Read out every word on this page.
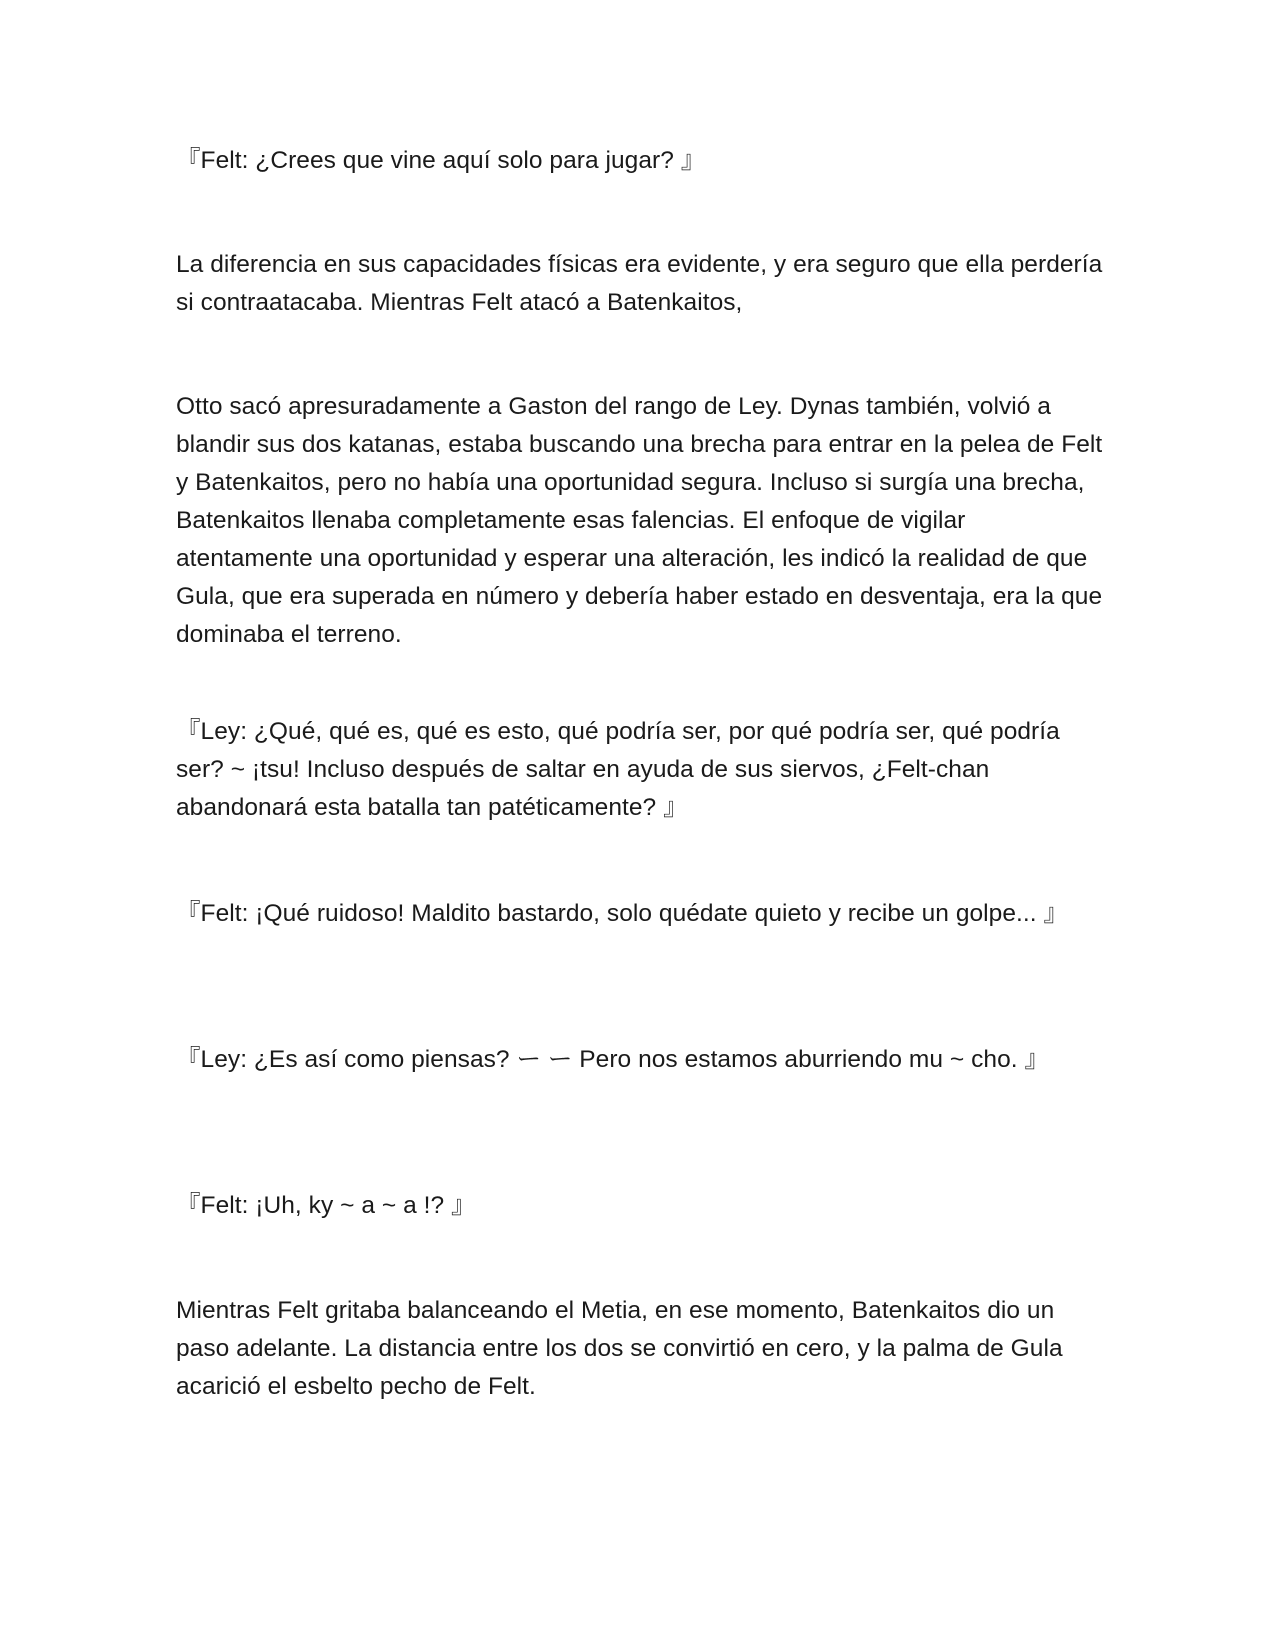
『Felt: ¿Crees que vine aquí solo para jugar? 』

La diferencia en sus capacidades físicas era evidente, y era seguro que ella perdería si contraatacaba. Mientras Felt atacó a Batenkaitos,

Otto sacó apresuradamente a Gaston del rango de Ley. Dynas también, volvió a blandir sus dos katanas, estaba buscando una brecha para entrar en la pelea de Felt y Batenkaitos, pero no había una oportunidad segura. Incluso si surgía una brecha, Batenkaitos llenaba completamente esas falencias. El enfoque de vigilar atentamente una oportunidad y esperar una alteración, les indicó la realidad de que Gula, que era superada en número y debería haber estado en desventaja, era la que dominaba el terreno.

『Ley: ¿Qué, qué es, qué es esto, qué podría ser, por qué podría ser, qué podría ser? ~ ¡tsu! Incluso después de saltar en ayuda de sus siervos, ¿Felt-chan abandonará esta batalla tan patéticamente? 』

『Felt: ¡Qué ruidoso! Maldito bastardo, solo quédate quieto y recibe un golpe... 』

『Ley: ¿Es así como piensas? ー ー Pero nos estamos aburriendo mu ~ cho. 』

『Felt: ¡Uh, ky ~ a ~ a !? 』

Mientras Felt gritaba balanceando el Metia, en ese momento, Batenkaitos dio un paso adelante. La distancia entre los dos se convirtió en cero, y la palma de Gula acarició el esbelto pecho de Felt.
